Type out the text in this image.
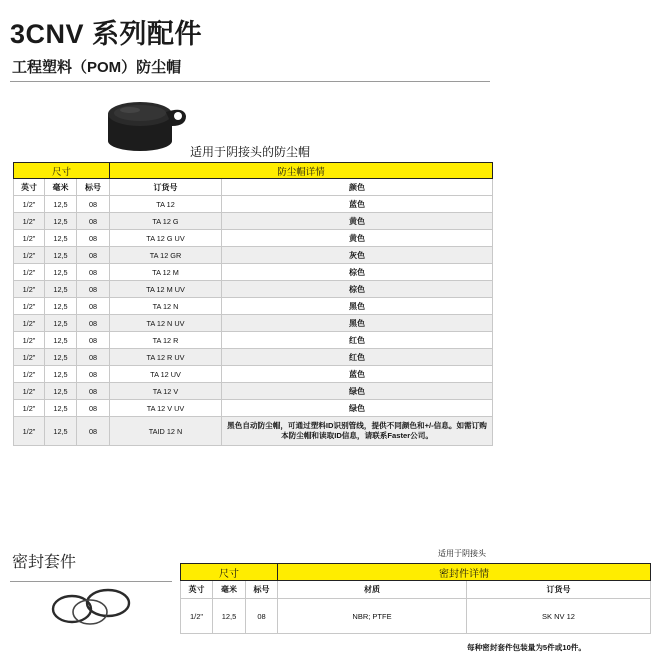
3CNV 系列配件
工程塑料（POM）防尘帽
适用于阴接头的防尘帽
尺寸			防尘帽详情	
英寸	毫米	标号	订货号	颜色
1/2"	12,5	08	TA 12	蓝色
1/2"	12,5	08	TA 12 G	黄色
1/2"	12,5	08	TA 12 G UV	黄色
1/2"	12,5	08	TA 12 GR	灰色
1/2"	12,5	08	TA 12 M	棕色
1/2"	12,5	08	TA 12 M UV	棕色
1/2"	12,5	08	TA 12 N	黑色
1/2"	12,5	08	TA 12 N UV	黑色
1/2"	12,5	08	TA 12 R	红色
1/2"	12,5	08	TA 12 R UV	红色
1/2"	12,5	08	TA 12 UV	蓝色
1/2"	12,5	08	TA 12 V	绿色
1/2"	12,5	08	TA 12 V UV	绿色
1/2"	12,5	08	TAID 12 N	黑色自动防尘帽，可通过塑料ID识别管线，提供不同颜色和+/-信息。如需订购本防尘帽和读取ID信息，请联系Faster公司。
密封套件
适用于阴接头
尺寸			密封件详情	
英寸	毫米	标号	材质	订货号
1/2"	12,5	08	NBR; PTFE	SK NV 12
每种密封套件包装量为5件或10件。
